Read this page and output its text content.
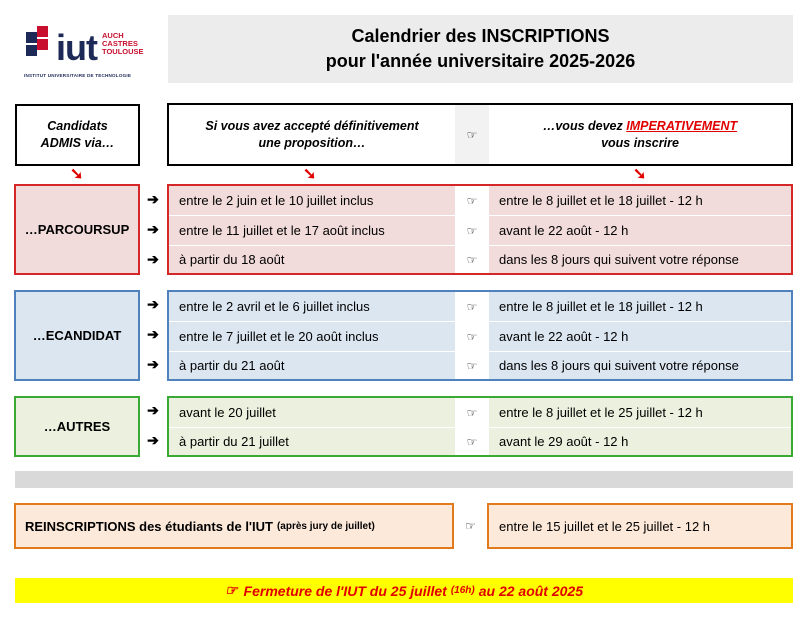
iut AUCH
CASTRES
TOULOUSE
INSTITUT UNIVERSITAIRE DE TECHNOLOGIE
Calendrier des INSCRIPTIONS
pour l'année universitaire 2025-2026
Candidats
ADMIS via…
Si vous avez accepté définitivement
une proposition…
☞
…vous devez IMPERATIVEMENT
vous inscrire
➘	➘	➘
…PARCOURSUP
➔
➔
➔
entre le 2 juin et le 10 juillet inclus	☞	entre le 8 juillet et le 18 juillet - 12 h
entre le 11 juillet et le 17 août inclus	☞	avant le 22 août - 12 h
à partir du 18 août	☞	dans les 8 jours qui suivent votre réponse
…ECANDIDAT
➔
➔
➔
entre le 2 avril et le 6 juillet inclus	☞	entre le 8 juillet et le 18 juillet - 12 h
entre le 7 juillet et le 20 août inclus	☞	avant le 22 août - 12 h
à partir du 21 août	☞	dans les 8 jours qui suivent votre réponse
…AUTRES
➔
➔
avant le 20 juillet	☞	entre le 8 juillet et le 25 juillet - 12 h
à partir du 21 juillet	☞	avant le 29 août - 12 h
REINSCRIPTIONS des étudiants de l'IUT (après jury de juillet)	☞	entre le 15 juillet et le 25 juillet - 12 h
☞ Fermeture de l'IUT du 25 juillet (16h) au 22 août 2025
